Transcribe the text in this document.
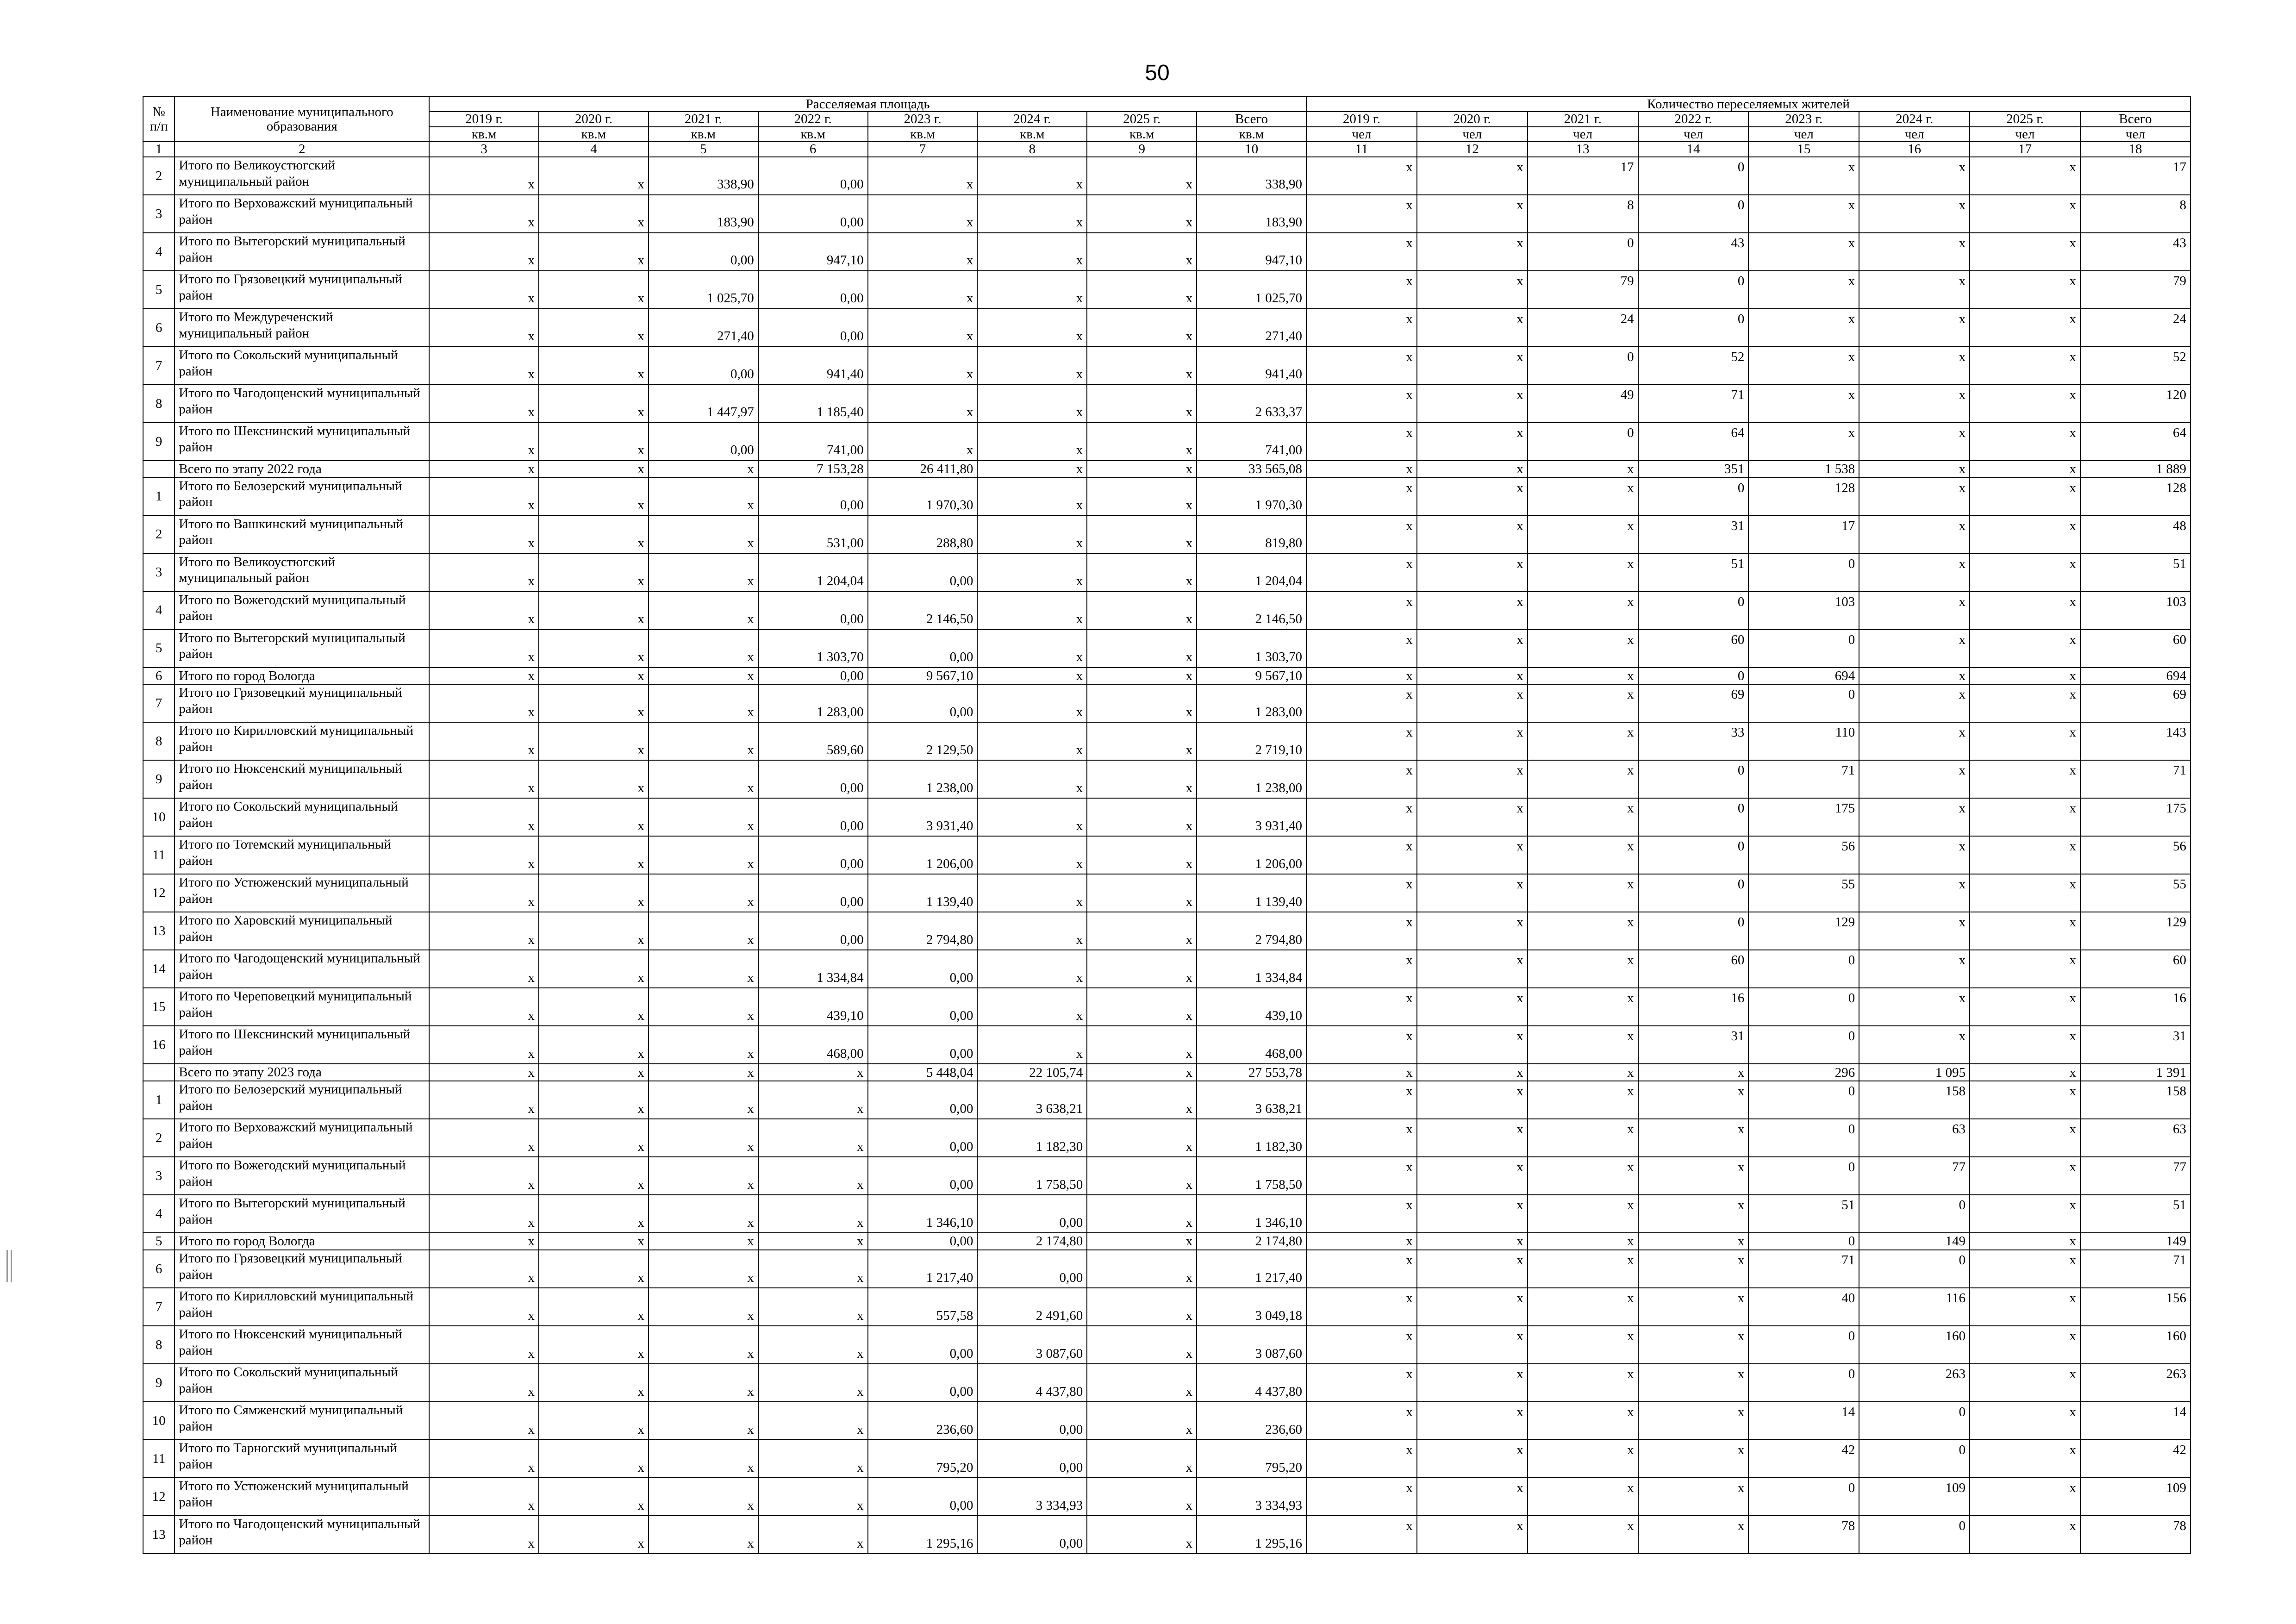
50
№ п/п	Наименование муниципального образования	Расселяемая площадь								Количество переселяемых жителей							
		2019 г.	2020 г.	2021 г.	2022 г.	2023 г.	2024 г.	2025 г.	Всего	2019 г.	2020 г.	2021 г.	2022 г.	2023 г.	2024 г.	2025 г.	Всего
		кв.м	кв.м	кв.м	кв.м	кв.м	кв.м	кв.м	кв.м	чел	чел	чел	чел	чел	чел	чел	чел
1	2	3	4	5	6	7	8	9	10	11	12	13	14	15	16	17	18
2	Итого по Великоустюгский муниципальный район	x	x	338,90	0,00	x	x	x	338,90	x	x	17	0	x	x	x	17
3	Итого по Верховажский муниципальный район	x	x	183,90	0,00	x	x	x	183,90	x	x	8	0	x	x	x	8
4	Итого по Вытегорский муниципальный район	x	x	0,00	947,10	x	x	x	947,10	x	x	0	43	x	x	x	43
5	Итого по Грязовецкий муниципальный район	x	x	1 025,70	0,00	x	x	x	1 025,70	x	x	79	0	x	x	x	79
6	Итого по Междуреченский муниципальный район	x	x	271,40	0,00	x	x	x	271,40	x	x	24	0	x	x	x	24
7	Итого по Сокольский муниципальный район	x	x	0,00	941,40	x	x	x	941,40	x	x	0	52	x	x	x	52
8	Итого по Чагодощенский муниципальный район	x	x	1 447,97	1 185,40	x	x	x	2 633,37	x	x	49	71	x	x	x	120
9	Итого по Шекснинский муниципальный район	x	x	0,00	741,00	x	x	x	741,00	x	x	0	64	x	x	x	64
	Всего по этапу 2022 года	x	x	x	7 153,28	26 411,80	x	x	33 565,08	x	x	x	351	1 538	x	x	1 889
1	Итого по Белозерский муниципальный район	x	x	x	0,00	1 970,30	x	x	1 970,30	x	x	x	0	128	x	x	128
2	Итого по Вашкинский муниципальный район	x	x	x	531,00	288,80	x	x	819,80	x	x	x	31	17	x	x	48
3	Итого по Великоустюгский муниципальный район	x	x	x	1 204,04	0,00	x	x	1 204,04	x	x	x	51	0	x	x	51
4	Итого по Вожегодский муниципальный район	x	x	x	0,00	2 146,50	x	x	2 146,50	x	x	x	0	103	x	x	103
5	Итого по Вытегорский муниципальный район	x	x	x	1 303,70	0,00	x	x	1 303,70	x	x	x	60	0	x	x	60
6	Итого по город Вологда	x	x	x	0,00	9 567,10	x	x	9 567,10	x	x	x	0	694	x	x	694
7	Итого по Грязовецкий муниципальный район	x	x	x	1 283,00	0,00	x	x	1 283,00	x	x	x	69	0	x	x	69
8	Итого по Кирилловский муниципальный район	x	x	x	589,60	2 129,50	x	x	2 719,10	x	x	x	33	110	x	x	143
9	Итого по Нюксенский муниципальный район	x	x	x	0,00	1 238,00	x	x	1 238,00	x	x	x	0	71	x	x	71
10	Итого по Сокольский муниципальный район	x	x	x	0,00	3 931,40	x	x	3 931,40	x	x	x	0	175	x	x	175
11	Итого по Тотемский муниципальный район	x	x	x	0,00	1 206,00	x	x	1 206,00	x	x	x	0	56	x	x	56
12	Итого по Устюженский муниципальный район	x	x	x	0,00	1 139,40	x	x	1 139,40	x	x	x	0	55	x	x	55
13	Итого по Харовский муниципальный район	x	x	x	0,00	2 794,80	x	x	2 794,80	x	x	x	0	129	x	x	129
14	Итого по Чагодощенский муниципальный район	x	x	x	1 334,84	0,00	x	x	1 334,84	x	x	x	60	0	x	x	60
15	Итого по Череповецкий муниципальный район	x	x	x	439,10	0,00	x	x	439,10	x	x	x	16	0	x	x	16
16	Итого по Шекснинский муниципальный район	x	x	x	468,00	0,00	x	x	468,00	x	x	x	31	0	x	x	31
	Всего по этапу 2023 года	x	x	x	x	5 448,04	22 105,74	x	27 553,78	x	x	x	x	296	1 095	x	1 391
1	Итого по Белозерский муниципальный район	x	x	x	x	0,00	3 638,21	x	3 638,21	x	x	x	x	0	158	x	158
2	Итого по Верховажский муниципальный район	x	x	x	x	0,00	1 182,30	x	1 182,30	x	x	x	x	0	63	x	63
3	Итого по Вожегодский муниципальный район	x	x	x	x	0,00	1 758,50	x	1 758,50	x	x	x	x	0	77	x	77
4	Итого по Вытегорский муниципальный район	x	x	x	x	1 346,10	0,00	x	1 346,10	x	x	x	x	51	0	x	51
5	Итого по город Вологда	x	x	x	x	0,00	2 174,80	x	2 174,80	x	x	x	x	0	149	x	149
6	Итого по Грязовецкий муниципальный район	x	x	x	x	1 217,40	0,00	x	1 217,40	x	x	x	x	71	0	x	71
7	Итого по Кирилловский муниципальный район	x	x	x	x	557,58	2 491,60	x	3 049,18	x	x	x	x	40	116	x	156
8	Итого по Нюксенский муниципальный район	x	x	x	x	0,00	3 087,60	x	3 087,60	x	x	x	x	0	160	x	160
9	Итого по Сокольский муниципальный район	x	x	x	x	0,00	4 437,80	x	4 437,80	x	x	x	x	0	263	x	263
10	Итого по Сямженский муниципальный район	x	x	x	x	236,60	0,00	x	236,60	x	x	x	x	14	0	x	14
11	Итого по Тарногский муниципальный район	x	x	x	x	795,20	0,00	x	795,20	x	x	x	x	42	0	x	42
12	Итого по Устюженский муниципальный район	x	x	x	x	0,00	3 334,93	x	3 334,93	x	x	x	x	0	109	x	109
13	Итого по Чагодощенский муниципальный район	x	x	x	x	1 295,16	0,00	x	1 295,16	x	x	x	x	78	0	x	78
